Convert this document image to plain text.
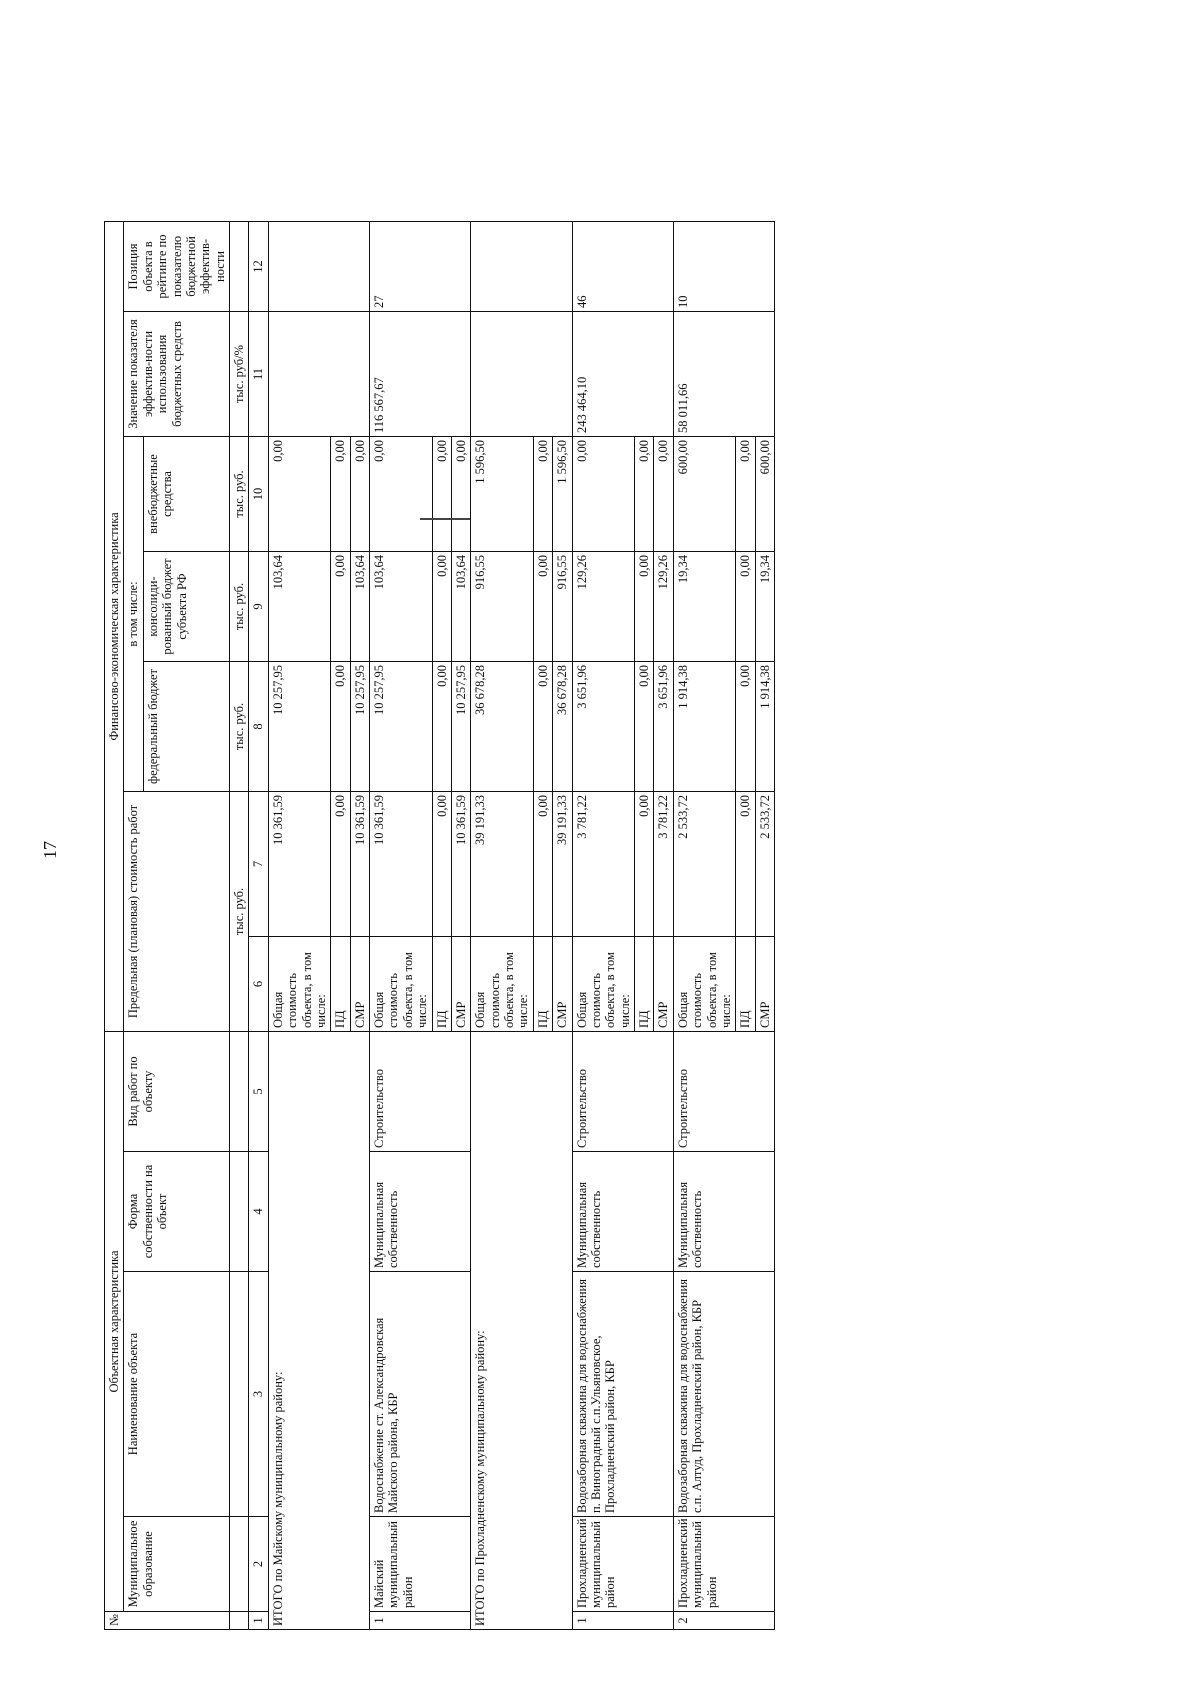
17
№	Объектная характеристика				Финансово-экономическая характеристика							
	Муниципальное образование	Наименование объекта	Форма собственности на объект	Вид работ по объекту	Предельная (плановая) стоимость работ		в том числе:			Значение показателя эффектив-ности использования бюджетных средств	Позиция объекта в рейтинге по показателю бюджетной эффектив-ности	
							федеральный бюджет	консолиди-рованный бюджет субъекта РФ	внебюджетные средства			

					тыс. руб.		тыс. руб.	тыс. руб.	тыс. руб.	тыс. руб/%		
1	2	3	4	5	6	7	8	9	10	11	12	
ИТОГО по Майскому муниципальному району:					Общая стоимость объекта, в том числе:	10 361,59	10 257,95	103,64	0,00			
					ПД	0,00	0,00	0,00	0,00			
					СМР	10 361,59	10 257,95	103,64	0,00			
1	Майский муниципальный район	Водоснабжение ст. Александровская Майского района, КБР	Муниципальная собственность	Строительство	Общая стоимость объекта, в том числе:	10 361,59	10 257,95	103,64	0,00	116 567,67	27	
					ПД	0,00	0,00	0,00	0,00			
					СМР	10 361,59	10 257,95	103,64	0,00			
ИТОГО по Прохладненскому муниципальному району:					Общая стоимость объекта, в том числе:	39 191,33	36 678,28	916,55	1 596,50			
					ПД	0,00	0,00	0,00	0,00			
					СМР	39 191,33	36 678,28	916,55	1 596,50			
1	Прохладненский муниципальный район	Водозаборная скважина для водоснабжения п. Виноградный с.п.Ульяновское, Прохладненский район, КБР	Муниципальная собственность	Строительство	Общая стоимость объекта, в том числе:	3 781,22	3 651,96	129,26	0,00	243 464,10	46	
					ПД	0,00	0,00	0,00	0,00			
					СМР	3 781,22	3 651,96	129,26	0,00			
2	Прохладненский муниципальный район	Водозаборная скважина для водоснабжения с.п. Алтуд, Прохладненский район, КБР	Муниципальная собственность	Строительство	Общая стоимость объекта, в том числе:	2 533,72	1 914,38	19,34	600,00	58 011,66	10	
					ПД	0,00	0,00	0,00	0,00			
					СМР	2 533,72	1 914,38	19,34	600,00			
